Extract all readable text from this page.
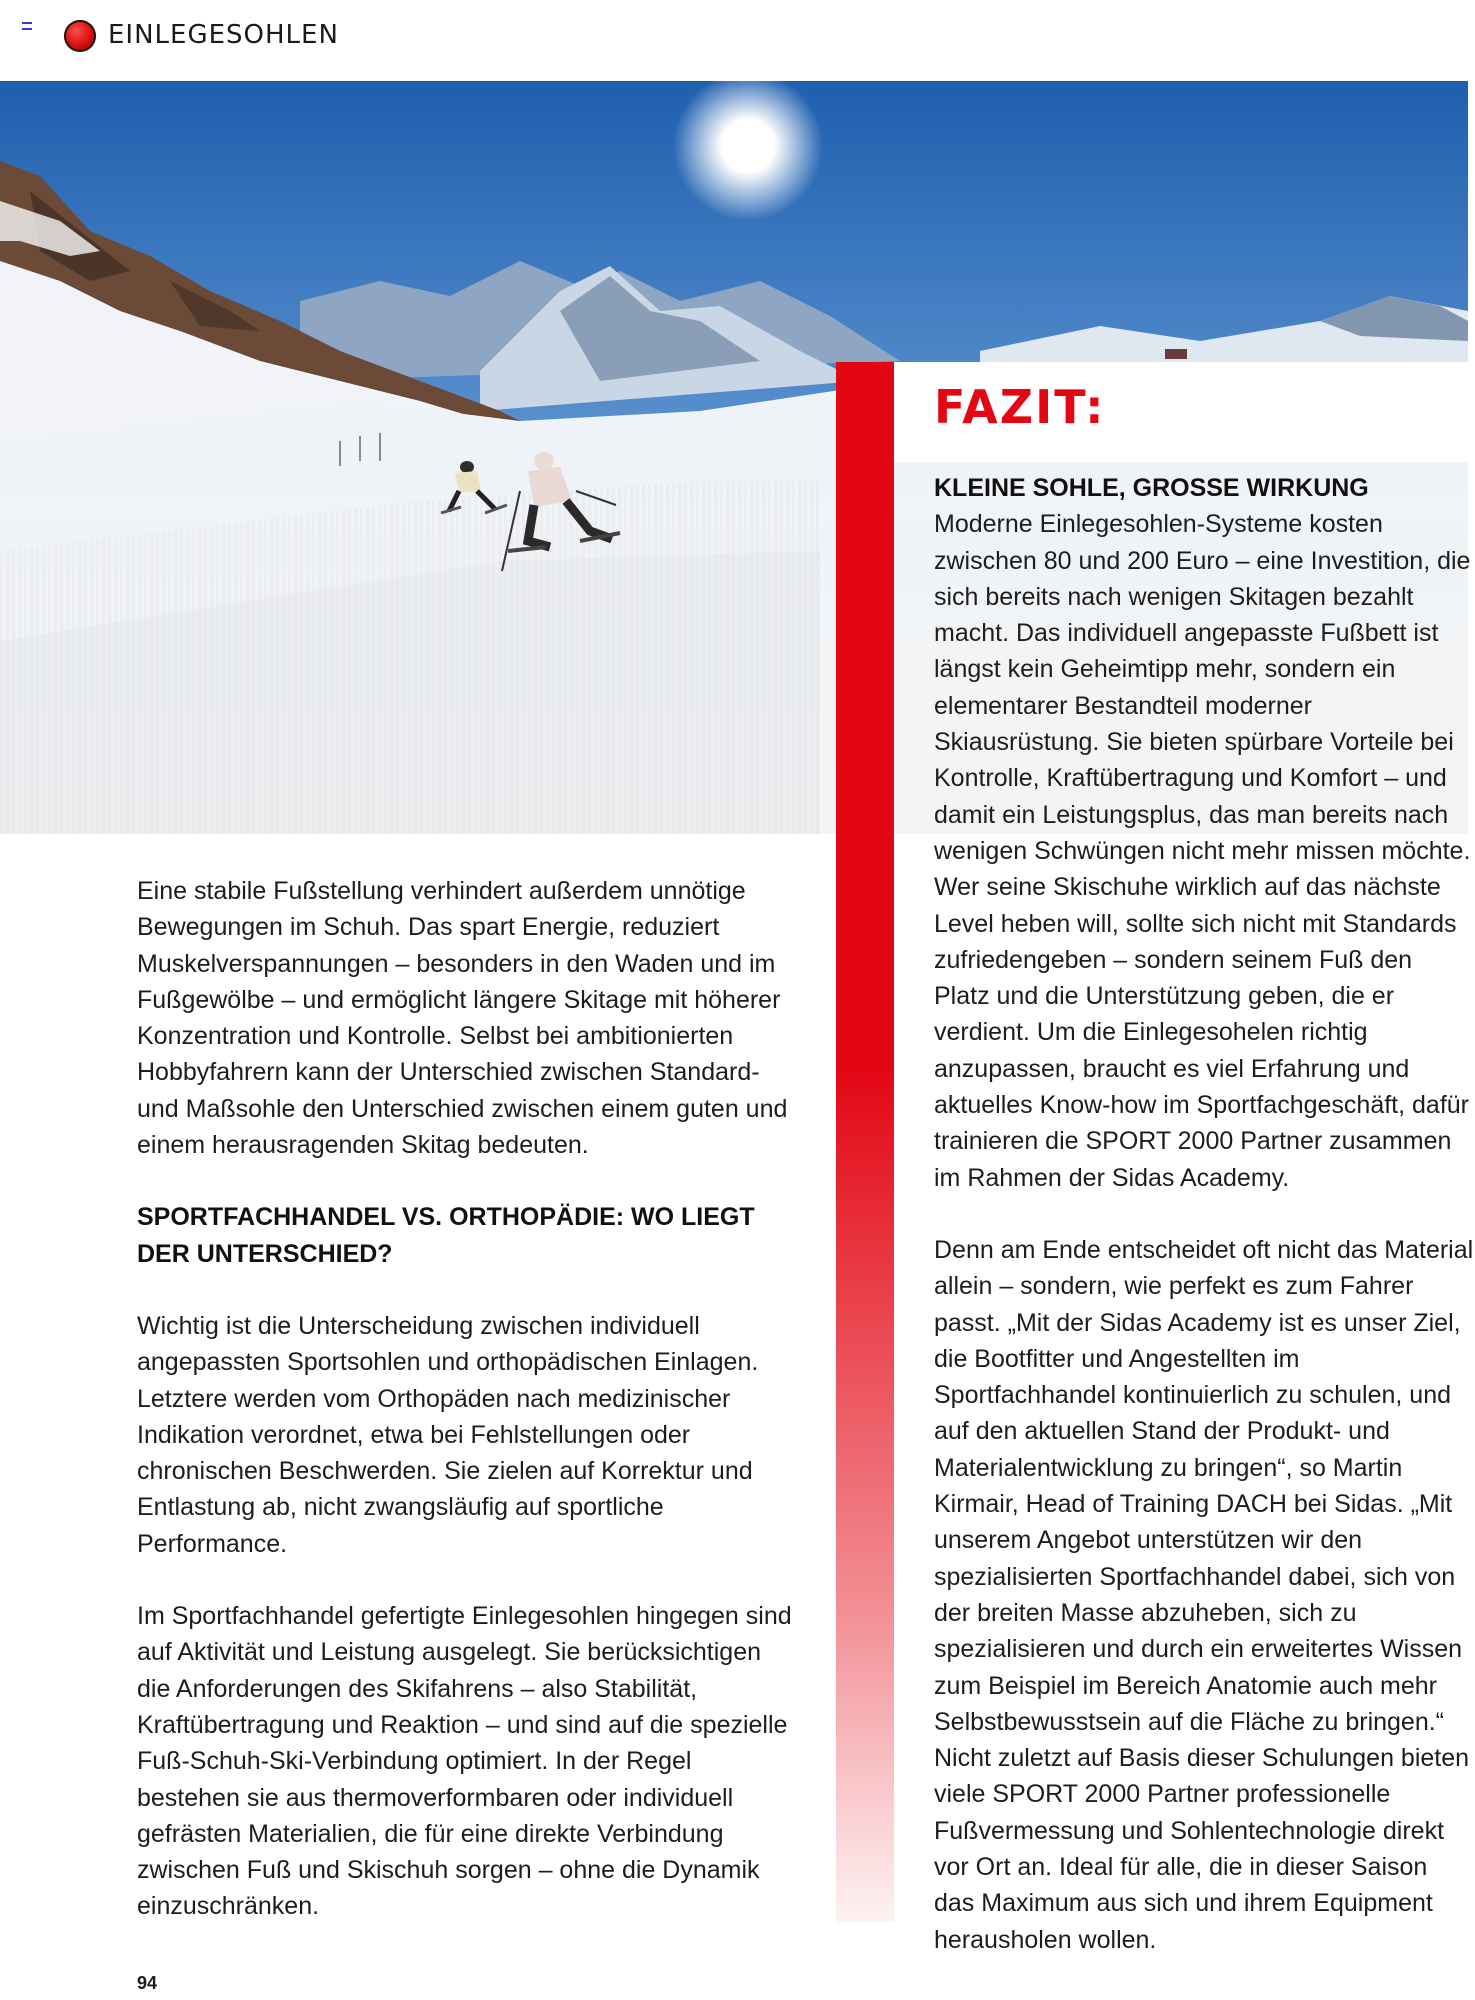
EINLEGESOHLEN
FAZIT:
KLEINE SOHLE, GROSSE WIRKUNG

Moderne Einlegesohlen-Systeme kosten zwischen 80 und 200 Euro – eine Investition, die sich bereits nach wenigen Skitagen bezahlt macht. Das individuell angepasste Fußbett ist längst kein Geheimtipp mehr, sondern ein elementarer Bestandteil moderner Skiausrüstung. Sie bieten spürbare Vorteile bei Kontrolle, Kraftübertragung und Komfort – und damit ein Leistungsplus, das man bereits nach wenigen Schwüngen nicht mehr missen möchte. Wer seine Skischuhe wirklich auf das nächste Level heben will, sollte sich nicht mit Standards zufriedengeben – sondern seinem Fuß den Platz und die Unterstützung geben, die er verdient. Um die Einlegesohelen richtig anzupassen, braucht es viel Erfahrung und aktuelles Know-how im Sportfachgeschäft, dafür trainieren die SPORT 2000 Partner zusammen im Rahmen der Sidas Academy.

Denn am Ende entscheidet oft nicht das Material allein – sondern, wie perfekt es zum Fahrer passt. „Mit der Sidas Academy ist es unser Ziel, die Bootfitter und Angestellten im Sportfachhandel kontinuierlich zu schulen, und auf den aktuellen Stand der Produkt- und Materialentwicklung zu bringen“, so Martin Kirmair, Head of Training DACH bei Sidas. „Mit unserem Angebot unterstützen wir den spezialisierten Sportfachhandel dabei, sich von der breiten Masse abzuheben, sich zu spezialisieren und durch ein erweitertes Wissen zum Beispiel im Bereich Anatomie auch mehr Selbstbewusstsein auf die Fläche zu bringen.“ Nicht zuletzt auf Basis dieser Schulungen bieten viele SPORT 2000 Partner professionelle Fußvermessung und Sohlentechnologie direkt vor Ort an. Ideal für alle, die in dieser Saison das Maximum aus sich und ihrem Equipment herausholen wollen.

Eine stabile Fußstellung verhindert außerdem unnötige Bewegungen im Schuh. Das spart Energie, reduziert Muskelverspannungen – besonders in den Waden und im Fußgewölbe – und ermöglicht längere Skitage mit höherer Konzentration und Kontrolle. Selbst bei ambitionierten Hobbyfahrern kann der Unterschied zwischen Standard- und Maßsohle den Unterschied zwischen einem guten und einem herausragenden Skitag bedeuten.

SPORTFACHHANDEL VS. ORTHOPÄDIE: WO LIEGT DER UNTERSCHIED?

Wichtig ist die Unterscheidung zwischen individuell angepassten Sportsohlen und orthopädischen Einlagen. Letztere werden vom Orthopäden nach medizinischer Indikation verordnet, etwa bei Fehlstellungen oder chronischen Beschwerden. Sie zielen auf Korrektur und Entlastung ab, nicht zwangsläufig auf sportliche Performance.

Im Sportfachhandel gefertigte Einlegesohlen hingegen sind auf Aktivität und Leistung ausgelegt. Sie berücksichtigen die Anforderungen des Skifahrens – also Stabilität, Kraftübertragung und Reaktion – und sind auf die spezielle Fuß-Schuh-Ski-Verbindung optimiert. In der Regel bestehen sie aus thermoverformbaren oder individuell gefrästen Materialien, die für eine direkte Verbindung zwischen Fuß und Skischuh sorgen – ohne die Dynamik einzuschränken.

94
